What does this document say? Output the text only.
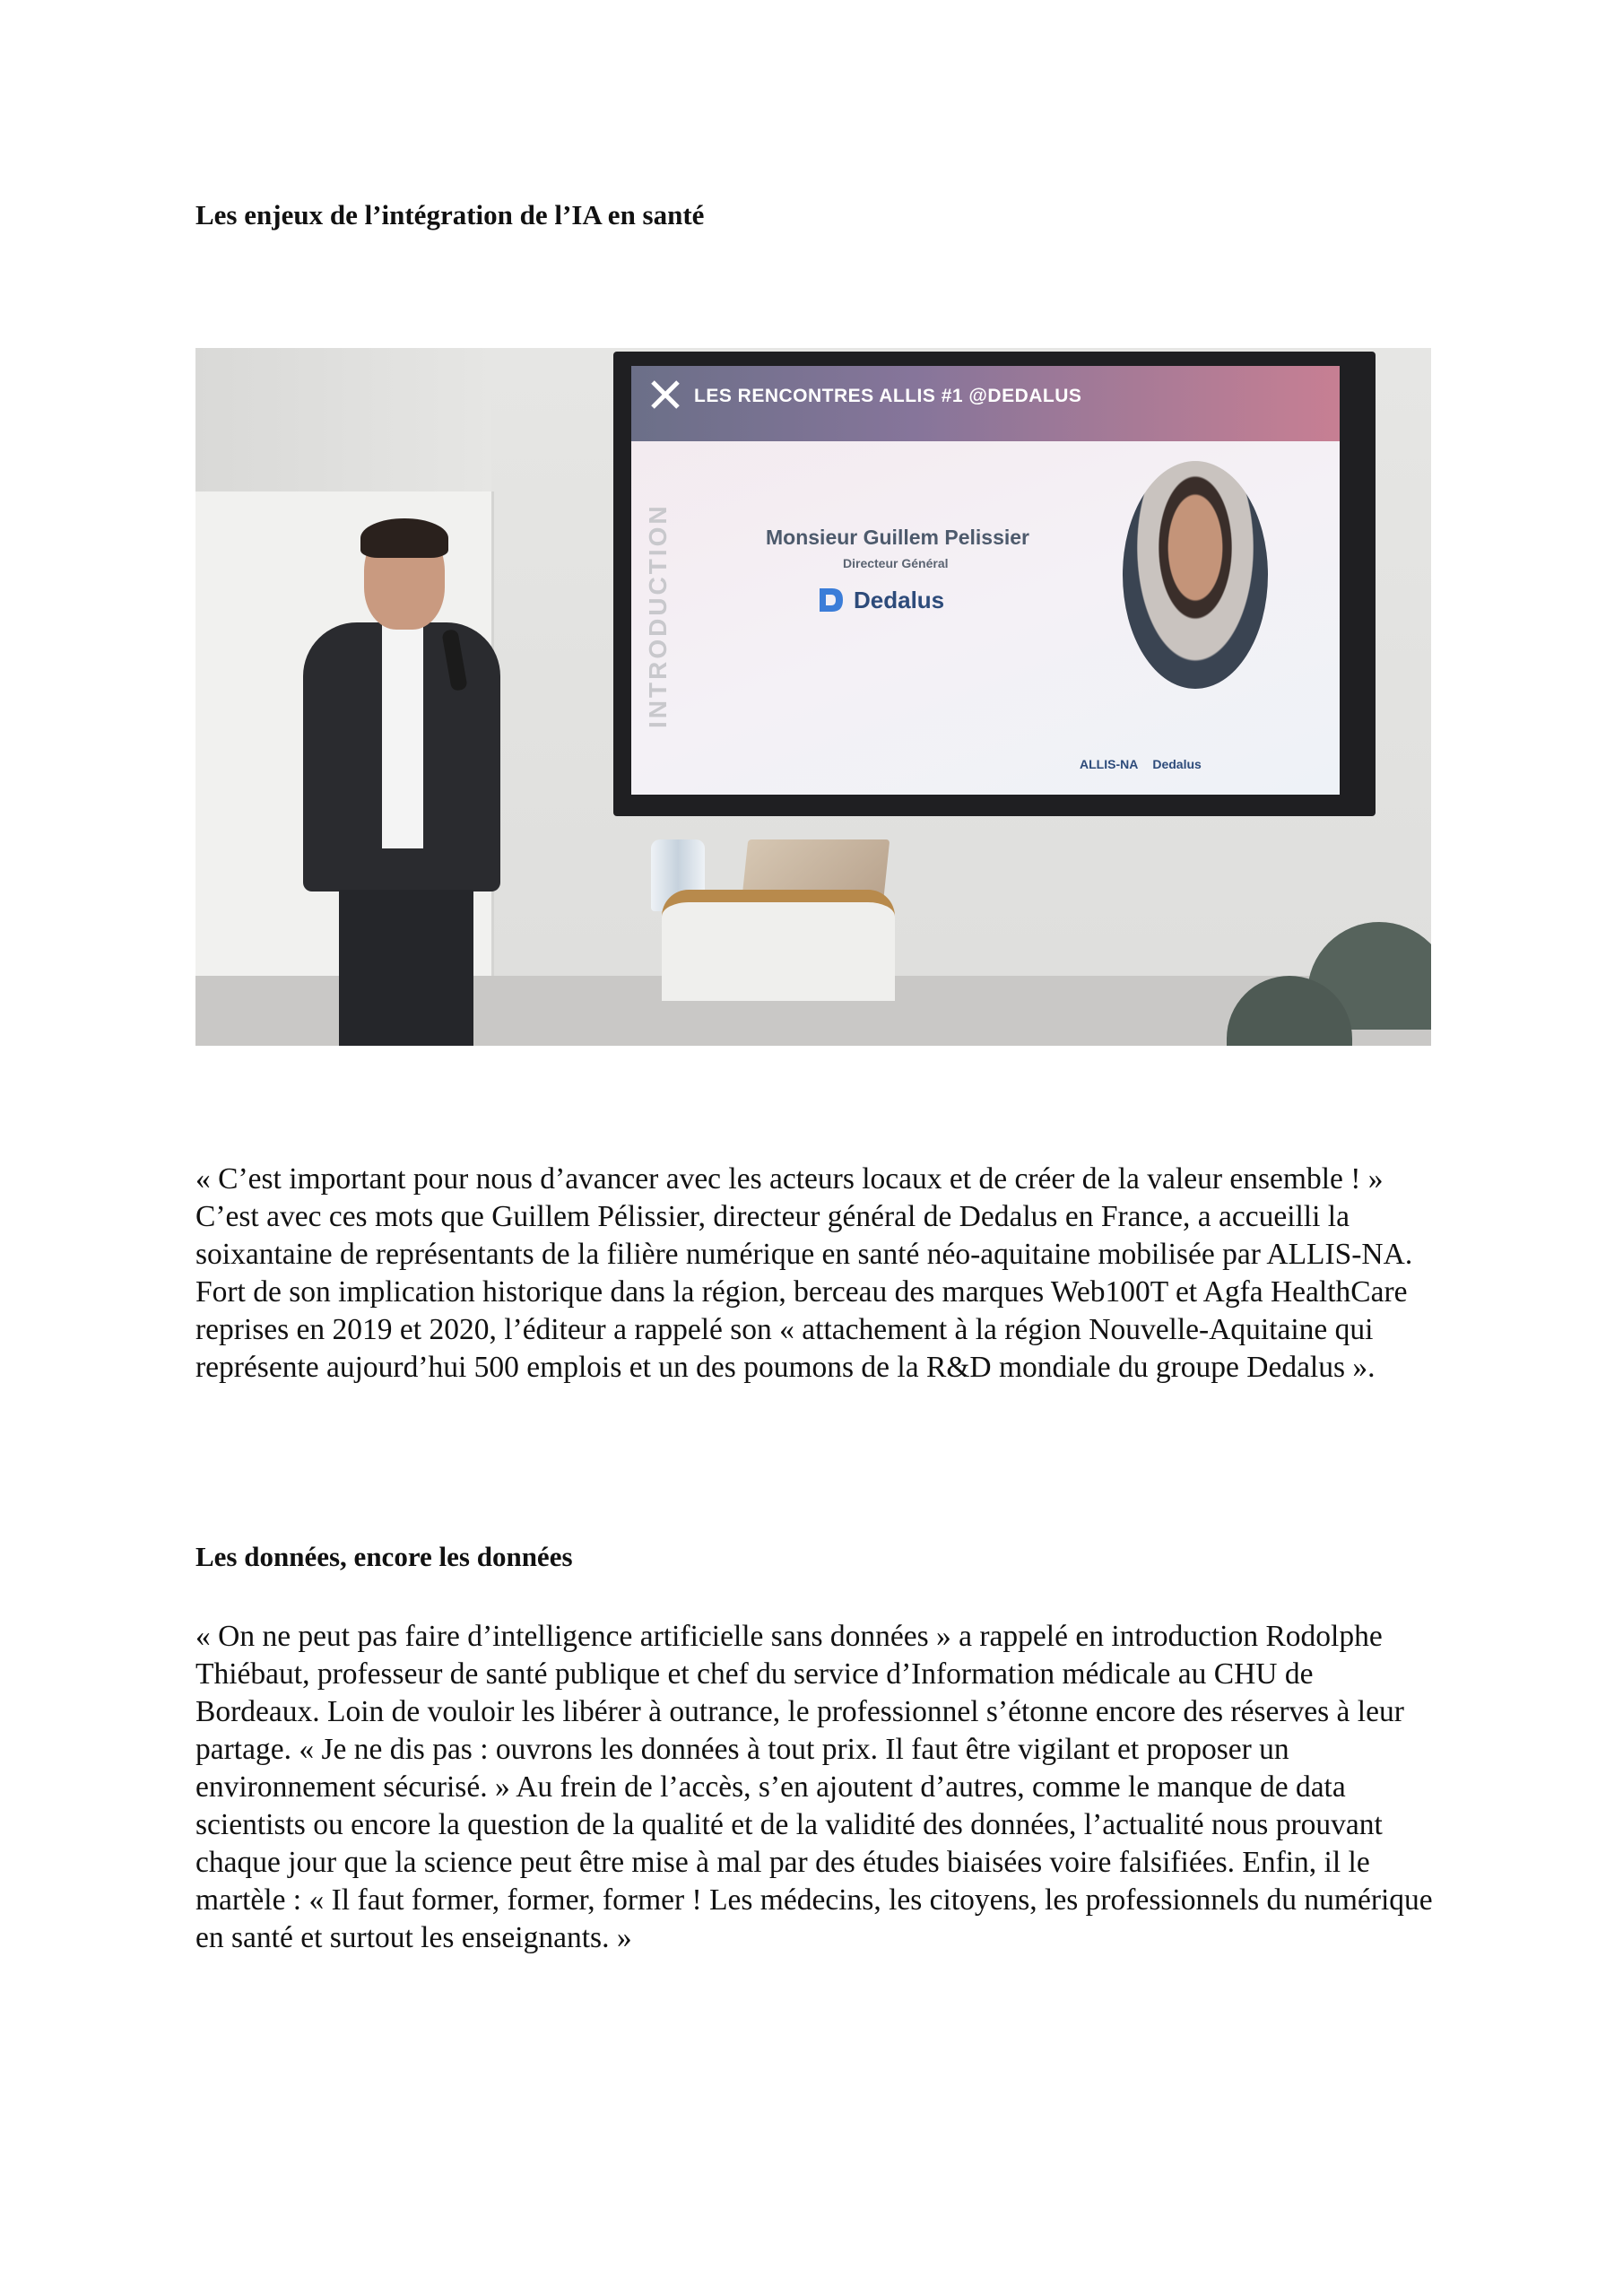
Les enjeux de l’intégration de l’IA en santé
LES RENCONTRES ALLIS #1 @DEDALUS
INTRODUCTION	Monsieur Guillem Pelissier
Directeur Général
Dedalus
ALLIS-NA Dedalus

« C’est important pour nous d’avancer avec les acteurs locaux et de créer de la valeur ensemble ! » C’est avec ces mots que Guillem Pélissier, directeur général de Dedalus en France, a accueilli la soixantaine de représentants de la filière numérique en santé néo-aquitaine mobilisée par ALLIS-NA. Fort de son implication historique dans la région, berceau des marques Web100T et Agfa HealthCare reprises en 2019 et 2020, l’éditeur a rappelé son « attachement à la région Nouvelle-Aquitaine qui représente aujourd’hui 500 emplois et un des poumons de la R&D mondiale du groupe Dedalus ».

Les données, encore les données

« On ne peut pas faire d’intelligence artificielle sans données » a rappelé en introduction Rodolphe Thiébaut, professeur de santé publique et chef du service d’Information médicale au CHU de Bordeaux. Loin de vouloir les libérer à outrance, le professionnel s’étonne encore des réserves à leur partage. « Je ne dis pas : ouvrons les données à tout prix. Il faut être vigilant et proposer un environnement sécurisé. » Au frein de l’accès, s’en ajoutent d’autres, comme le manque de data scientists ou encore la question de la qualité et de la validité des données, l’actualité nous prouvant chaque jour que la science peut être mise à mal par des études biaisées voire falsifiées. Enfin, il le martèle : « Il faut former, former, former ! Les médecins, les citoyens, les professionnels du numérique en santé et surtout les enseignants. »
